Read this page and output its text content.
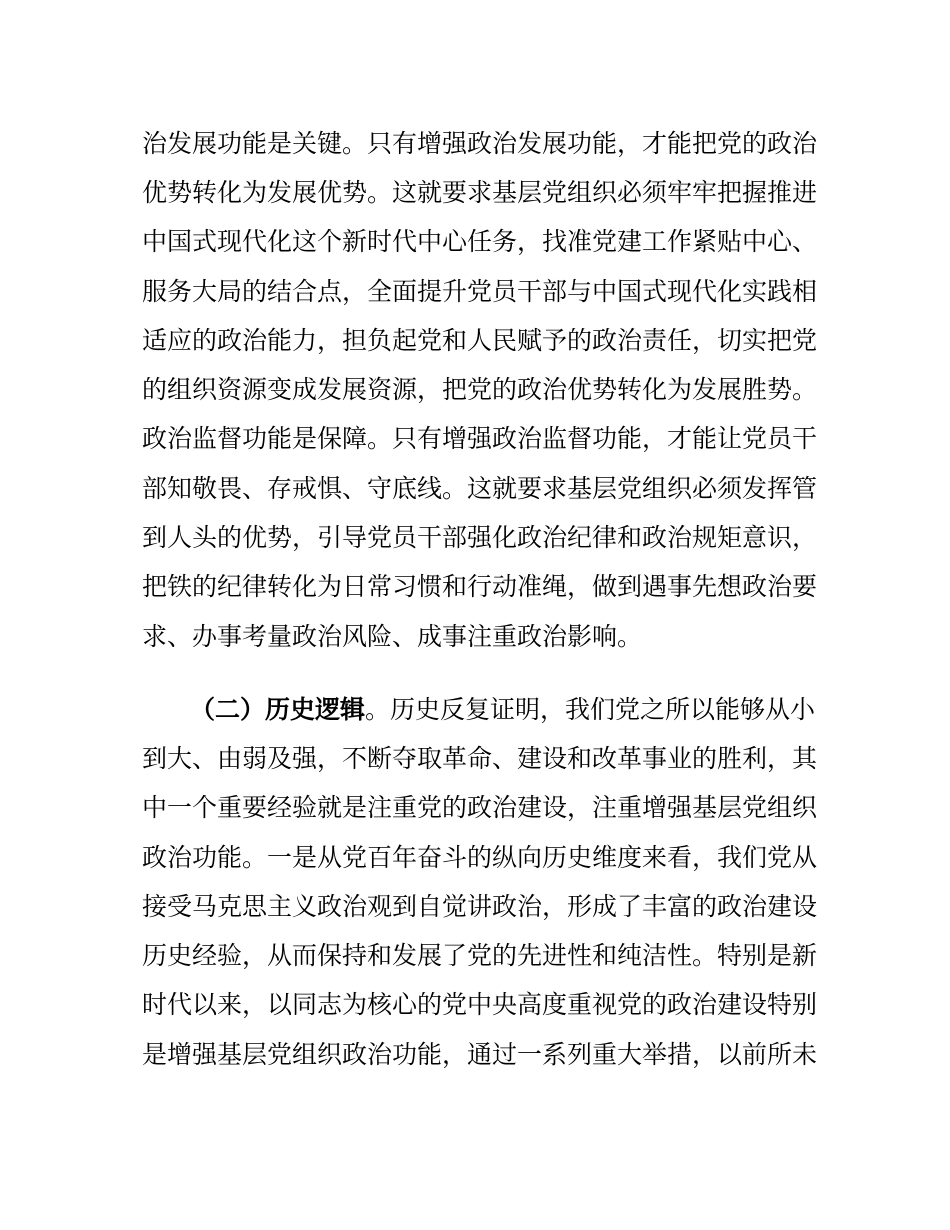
治发展功能是关键。只有增强政治发展功能，才能把党的政治
优势转化为发展优势。这就要求基层党组织必须牢牢把握推进
中国式现代化这个新时代中心任务，找准党建工作紧贴中心、
服务大局的结合点，全面提升党员干部与中国式现代化实践相
适应的政治能力，担负起党和人民赋予的政治责任，切实把党
的组织资源变成发展资源，把党的政治优势转化为发展胜势。
政治监督功能是保障。只有增强政治监督功能，才能让党员干
部知敬畏、存戒惧、守底线。这就要求基层党组织必须发挥管
到人头的优势，引导党员干部强化政治纪律和政治规矩意识，
把铁的纪律转化为日常习惯和行动准绳，做到遇事先想政治要
求、办事考量政治风险、成事注重政治影响。
（二）历史逻辑。历史反复证明，我们党之所以能够从小
到大、由弱及强，不断夺取革命、建设和改革事业的胜利，其
中一个重要经验就是注重党的政治建设，注重增强基层党组织
政治功能。一是从党百年奋斗的纵向历史维度来看，我们党从
接受马克思主义政治观到自觉讲政治，形成了丰富的政治建设
历史经验，从而保持和发展了党的先进性和纯洁性。特别是新
时代以来，以同志为核心的党中央高度重视党的政治建设特别
是增强基层党组织政治功能，通过一系列重大举措，以前所未
